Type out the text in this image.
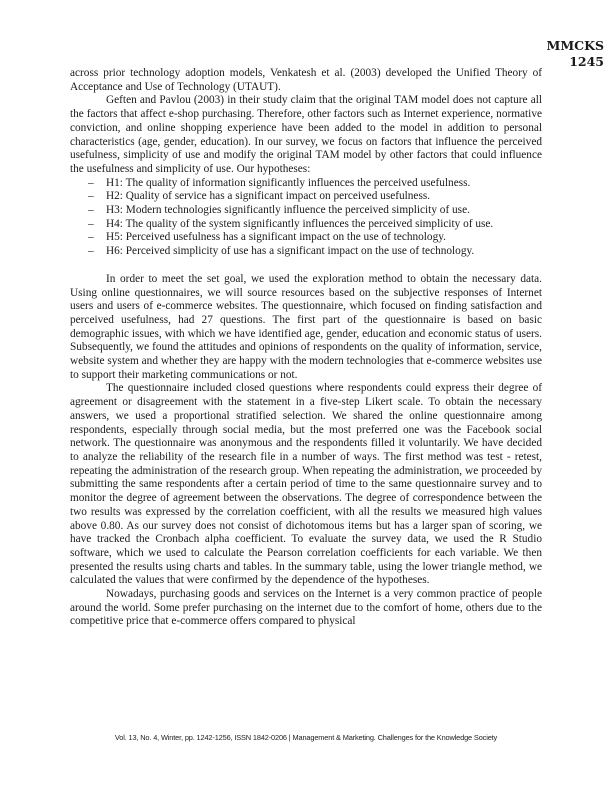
MMCKS
1245

across prior technology adoption models, Venkatesh et al. (2003) developed the Unified Theory of Acceptance and Use of Technology (UTAUT).

Geften and Pavlou (2003) in their study claim that the original TAM model does not capture all the factors that affect e-shop purchasing. Therefore, other factors such as Internet experience, normative conviction, and online shopping experience have been added to the model in addition to personal characteristics (age, gender, education). In our survey, we focus on factors that influence the perceived usefulness, simplicity of use and modify the original TAM model by other factors that could influence the usefulness and simplicity of use. Our hypotheses:

– H1: The quality of information significantly influences the perceived usefulness.
– H2: Quality of service has a significant impact on perceived usefulness.
– H3: Modern technologies significantly influence the perceived simplicity of use.
– H4: The quality of the system significantly influences the perceived simplicity of use.
– H5: Perceived usefulness has a significant impact on the use of technology.
– H6: Perceived simplicity of use has a significant impact on the use of technology.

In order to meet the set goal, we used the exploration method to obtain the necessary data. Using online questionnaires, we will source resources based on the subjective responses of Internet users and users of e-commerce websites. The questionnaire, which focused on finding satisfaction and perceived usefulness, had 27 questions. The first part of the questionnaire is based on basic demographic issues, with which we have identified age, gender, education and economic status of users. Subsequently, we found the attitudes and opinions of respondents on the quality of information, service, website system and whether they are happy with the modern technologies that e-commerce websites use to support their marketing communications or not.

The questionnaire included closed questions where respondents could express their degree of agreement or disagreement with the statement in a five-step Likert scale. To obtain the necessary answers, we used a proportional stratified selection. We shared the online questionnaire among respondents, especially through social media, but the most preferred one was the Facebook social network. The questionnaire was anonymous and the respondents filled it voluntarily. We have decided to analyze the reliability of the research file in a number of ways. The first method was test - retest, repeating the administration of the research group. When repeating the administration, we proceeded by submitting the same respondents after a certain period of time to the same questionnaire survey and to monitor the degree of agreement between the observations. The degree of correspondence between the two results was expressed by the correlation coefficient, with all the results we measured high values above 0.80. As our survey does not consist of dichotomous items but has a larger span of scoring, we have tracked the Cronbach alpha coefficient. To evaluate the survey data, we used the R Studio software, which we used to calculate the Pearson correlation coefficients for each variable. We then presented the results using charts and tables. In the summary table, using the lower triangle method, we calculated the values that were confirmed by the dependence of the hypotheses.

Nowadays, purchasing goods and services on the Internet is a very common practice of people around the world. Some prefer purchasing on the internet due to the comfort of home, others due to the competitive price that e-commerce offers compared to physical

Vol. 13, No. 4, Winter, pp. 1242-1256, ISSN 1842-0206 | Management & Marketing. Challenges for the Knowledge Society
